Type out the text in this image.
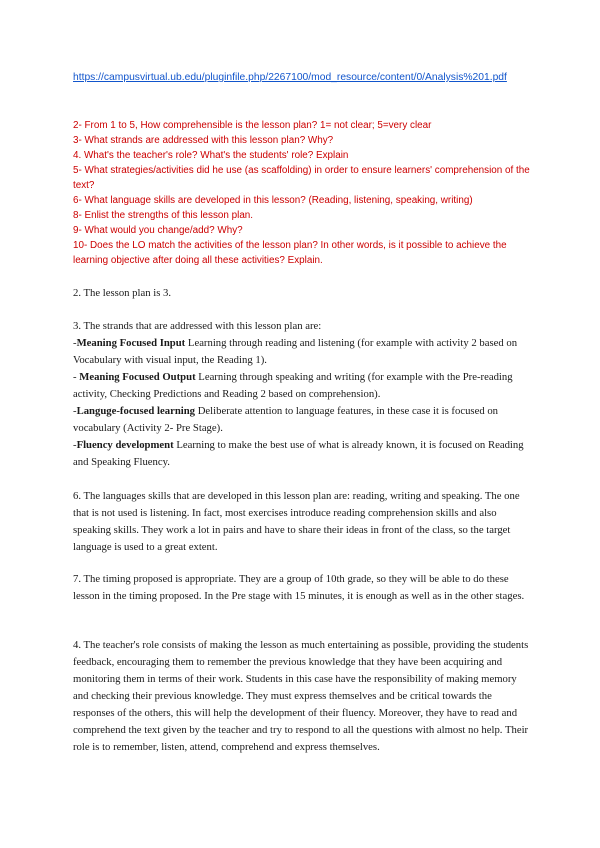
https://campusvirtual.ub.edu/pluginfile.php/2267100/mod_resource/content/0/Analysis%201.pdf
2- From 1 to 5, How comprehensible is the lesson plan? 1= not clear; 5=very clear
3- What strands are addressed with this lesson plan? Why?
4. What's the teacher's role? What's the students' role? Explain
5- What strategies/activities did he use (as scaffolding) in order to ensure learners' comprehension of the text?
6- What language skills are developed in this lesson? (Reading, listening, speaking, writing)
8- Enlist the strengths of this lesson plan.
9- What would you change/add? Why?
10- Does the LO match the activities of the lesson plan? In other words, is it possible to achieve the learning objective after doing all these activities? Explain.

2. The lesson plan is 3.

3. The strands that are addressed with this lesson plan are:

-Meaning Focused Input Learning through reading and listening (for example with activity 2 based on Vocabulary with visual input, the Reading 1).

- Meaning Focused Output Learning through speaking and writing (for example with the Pre-reading activity, Checking Predictions and Reading 2 based on comprehension).

-Languge-focused learning Deliberate attention to language features, in these case it is focused on vocabulary (Activity 2- Pre Stage).

-Fluency development Learning to make the best use of what is already known, it is focused on Reading and Speaking Fluency.

6. The languages skills that are developed in this lesson plan are: reading, writing and speaking. The one that is not used is listening. In fact, most exercises introduce reading comprehension skills and also speaking skills. They work a lot in pairs and have to share their ideas in front of the class, so the target language is used to a great extent.

7. The timing proposed is appropriate. They are a group of 10th grade, so they will be able to do these lesson in the timing proposed. In the Pre stage with 15 minutes, it is enough as well as in the other stages.

4. The teacher's role consists of making the lesson as much entertaining as possible, providing the students feedback, encouraging them to remember the previous knowledge that they have been acquiring and monitoring them in terms of their work. Students in this case have the responsibility of making memory and checking their previous knowledge. They must express themselves and be critical towards the responses of the others, this will help the development of their fluency. Moreover, they have to read and comprehend the text given by the teacher and try to respond to all the questions with almost no help. Their role is to remember, listen, attend, comprehend and express themselves.
